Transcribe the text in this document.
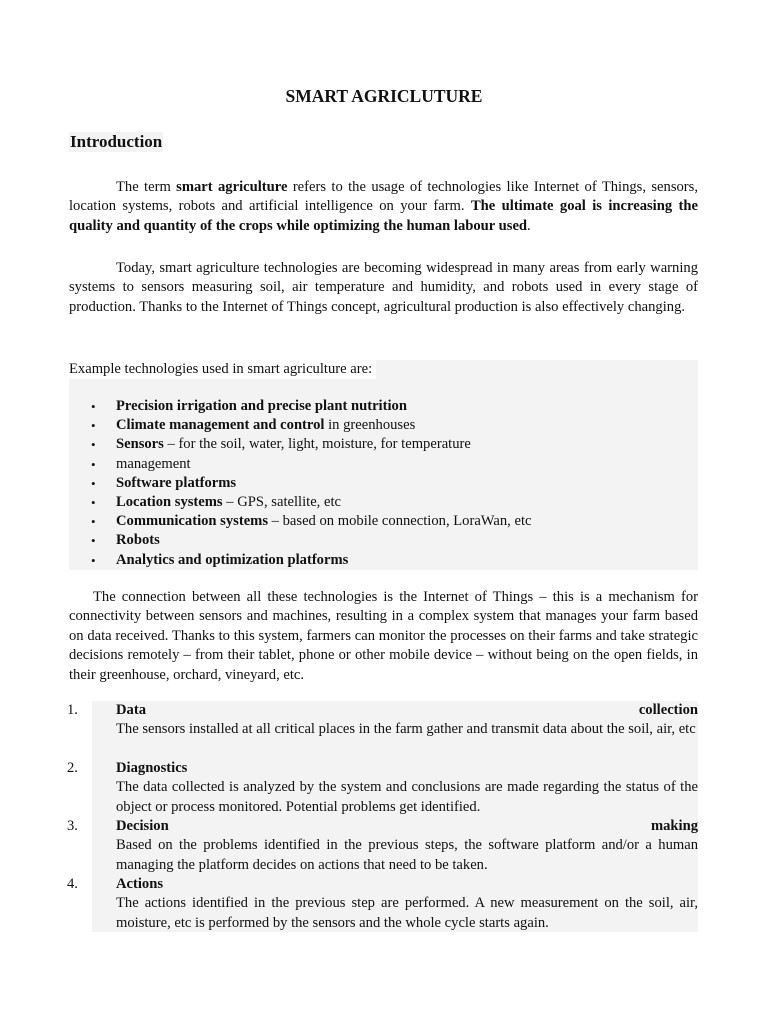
SMART AGRICLUTURE
Introduction

The term smart agriculture refers to the usage of technologies like Internet of Things, sensors, location systems, robots and artificial intelligence on your farm. The ultimate goal is increasing the quality and quantity of the crops while optimizing the human labour used.

Today, smart agriculture technologies are becoming widespread in many areas from early warning systems to sensors measuring soil, air temperature and humidity, and robots used in every stage of production. Thanks to the Internet of Things concept, agricultural production is also effectively changing.

Example technologies used in smart agriculture are:

• Precision irrigation and precise plant nutrition
• Climate management and control in greenhouses
• Sensors – for the soil, water, light, moisture, for temperature
• management
• Software platforms
• Location systems – GPS, satellite, etc
• Communication systems – based on mobile connection, LoraWan, etc
• Robots
• Analytics and optimization platforms

The connection between all these technologies is the Internet of Things – this is a mechanism for connectivity between sensors and machines, resulting in a complex system that manages your farm based on data received. Thanks to this system, farmers can monitor the processes on their farms and take strategic decisions remotely – from their tablet, phone or other mobile device – without being on the open fields, in their greenhouse, orchard, vineyard, etc.

1.	Data	collection

The sensors installed at all critical places in the farm gather and transmit data about the soil, air, etc

2.	Diagnostics

The data collected is analyzed by the system and conclusions are made regarding the status of the object or process monitored. Potential problems get identified.

3.	Decision	making

Based on the problems identified in the previous steps, the software platform and/or a human managing the platform decides on actions that need to be taken.

4.	Actions

The actions identified in the previous step are performed. A new measurement on the soil, air, moisture, etc is performed by the sensors and the whole cycle starts again.
